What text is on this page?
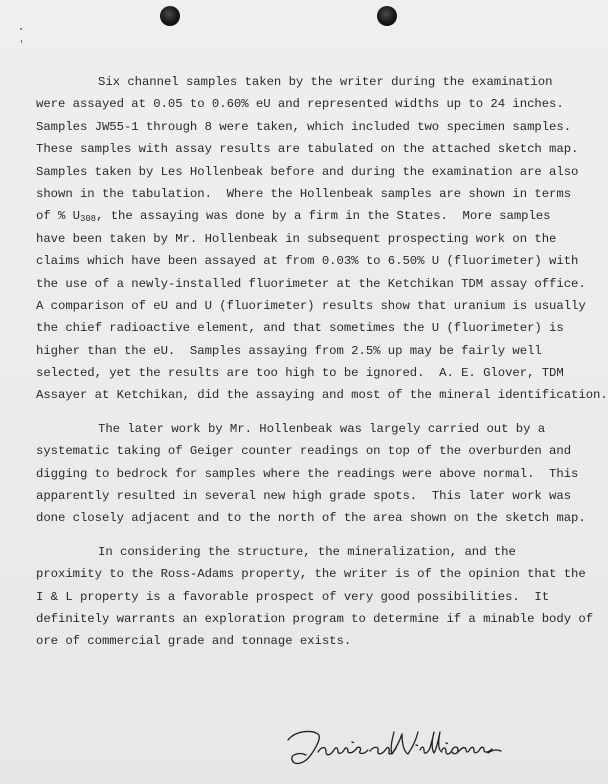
Six channel samples taken by the writer during the examination
were assayed at 0.05 to 0.60% eU and represented widths up to 24 inches.
Samples JW55-1 through 8 were taken, which included two specimen samples.
These samples with assay results are tabulated on the attached sketch map.
Samples taken by Les Hollenbeak before and during the examination are also
shown in the tabulation.  Where the Hollenbeak samples are shown in terms
of % $U_{308}$, the assaying was done by a firm in the States.  More samples
have been taken by Mr. Hollenbeak in subsequent prospecting work on the
claims which have been assayed at from 0.03% to 6.50% U (fluorimeter) with
the use of a newly-installed fluorimeter at the Ketchikan TDM assay office.
A comparison of eU and U (fluorimeter) results show that uranium is usually
the chief radioactive element, and that sometimes the U (fluorimeter) is
higher than the eU.  Samples assaying from 2.5% up may be fairly well
selected, yet the results are too high to be ignored.  A. E. Glover, TDM
Assayer at Ketchikan, did the assaying and most of the mineral identification.
The later work by Mr. Hollenbeak was largely carried out by a
systematic taking of Geiger counter readings on top of the overburden and
digging to bedrock for samples where the readings were above normal.  This
apparently resulted in several new high grade spots.  This later work was
done closely adjacent and to the north of the area shown on the sketch map.
In considering the structure, the mineralization, and the
proximity to the Ross-Adams property, the writer is of the opinion that the
I & L property is a favorable prospect of very good possibilities.  It
definitely warrants an exploration program to determine if a minable body of
ore of commercial grade and tonnage exists.
James A. Williams
